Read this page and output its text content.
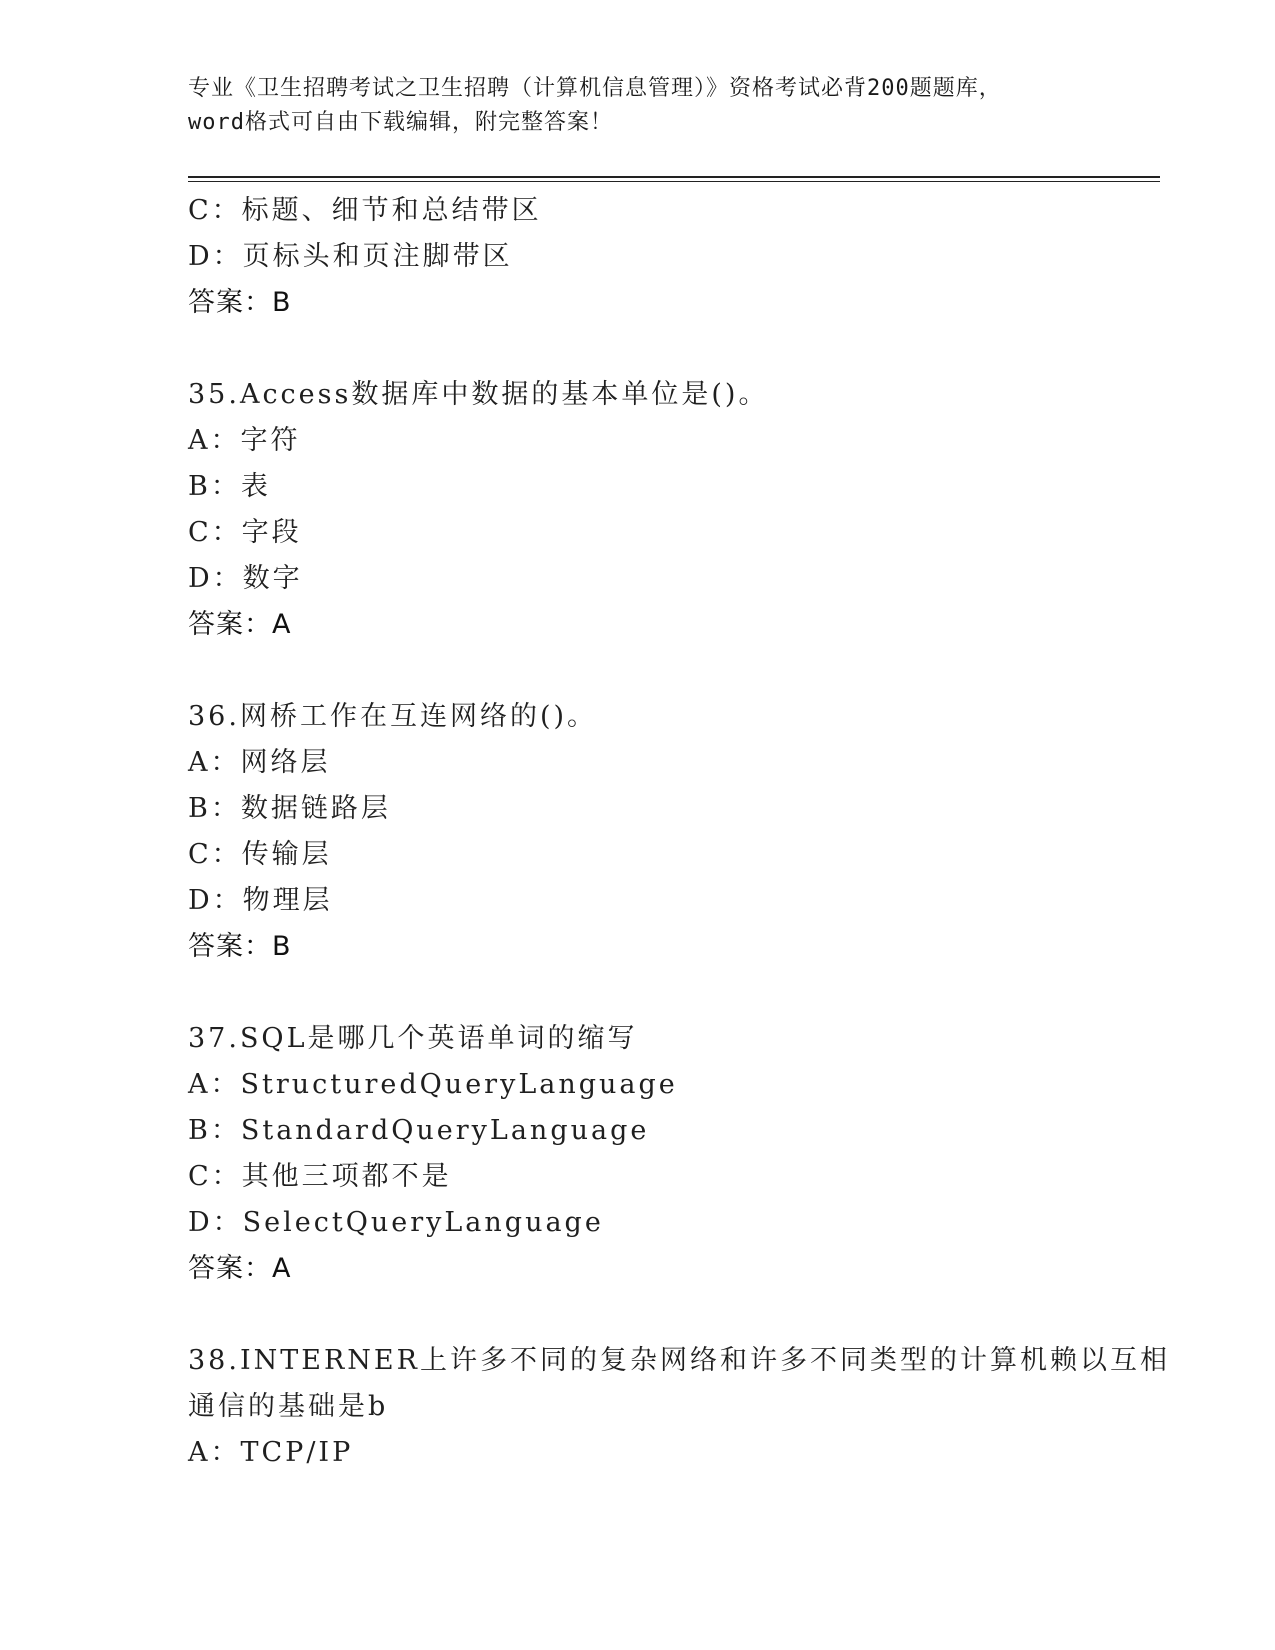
专业《卫生招聘考试之卫生招聘（计算机信息管理）》资格考试必背200题题库，
word格式可自由下载编辑，附完整答案！
C：标题、细节和总结带区
D：页标头和页注脚带区
答案：B
35.Access数据库中数据的基本单位是()。
A：字符
B：表
C：字段
D：数字
答案：A
36.网桥工作在互连网络的()。
A：网络层
B：数据链路层
C：传输层
D：物理层
答案：B
37.SQL是哪几个英语单词的缩写
A：StructuredQueryLanguage
B：StandardQueryLanguage
C：其他三项都不是
D：SelectQueryLanguage
答案：A
38.INTERNER上许多不同的复杂网络和许多不同类型的计算机赖以互相
通信的基础是b
A：TCP/IP
